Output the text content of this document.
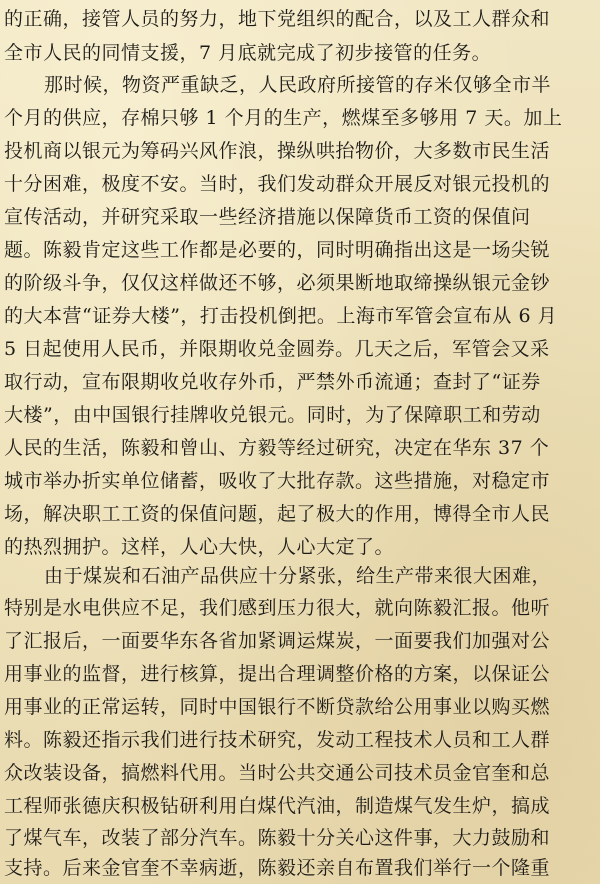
的正确，接管人员的努力，地下党组织的配合，以及工人群众和
全市人民的同情支援，7 月底就完成了初步接管的任务。
那时候，物资严重缺乏，人民政府所接管的存米仅够全市半
个月的供应，存棉只够 1 个月的生产，燃煤至多够用 7 天。加上
投机商以银元为筹码兴风作浪，操纵哄抬物价，大多数市民生活
十分困难，极度不安。当时，我们发动群众开展反对银元投机的
宣传活动，并研究采取一些经济措施以保障货币工资的保值问
题。陈毅肯定这些工作都是必要的，同时明确指出这是一场尖锐
的阶级斗争，仅仅这样做还不够，必须果断地取缔操纵银元金钞
的大本营“证券大楼”，打击投机倒把。上海市军管会宣布从 6 月
5 日起使用人民币，并限期收兑金圆券。几天之后，军管会又采
取行动，宣布限期收兑收存外币，严禁外币流通；查封了“证券
大楼”，由中国银行挂牌收兑银元。同时，为了保障职工和劳动
人民的生活，陈毅和曾山、方毅等经过研究，决定在华东 37 个
城市举办折实单位储蓄，吸收了大批存款。这些措施，对稳定市
场，解决职工工资的保值问题，起了极大的作用，博得全市人民
的热烈拥护。这样，人心大快，人心大定了。
由于煤炭和石油产品供应十分紧张，给生产带来很大困难，
特别是水电供应不足，我们感到压力很大，就向陈毅汇报。他听
了汇报后，一面要华东各省加紧调运煤炭，一面要我们加强对公
用事业的监督，进行核算，提出合理调整价格的方案，以保证公
用事业的正常运转，同时中国银行不断贷款给公用事业以购买燃
料。陈毅还指示我们进行技术研究，发动工程技术人员和工人群
众改装设备，搞燃料代用。当时公共交通公司技术员金官奎和总
工程师张德庆积极钻研利用白煤代汽油，制造煤气发生炉，搞成
了煤气车，改装了部分汽车。陈毅十分关心这件事，大力鼓励和
支持。后来金官奎不幸病逝，陈毅还亲自布置我们举行一个隆重
